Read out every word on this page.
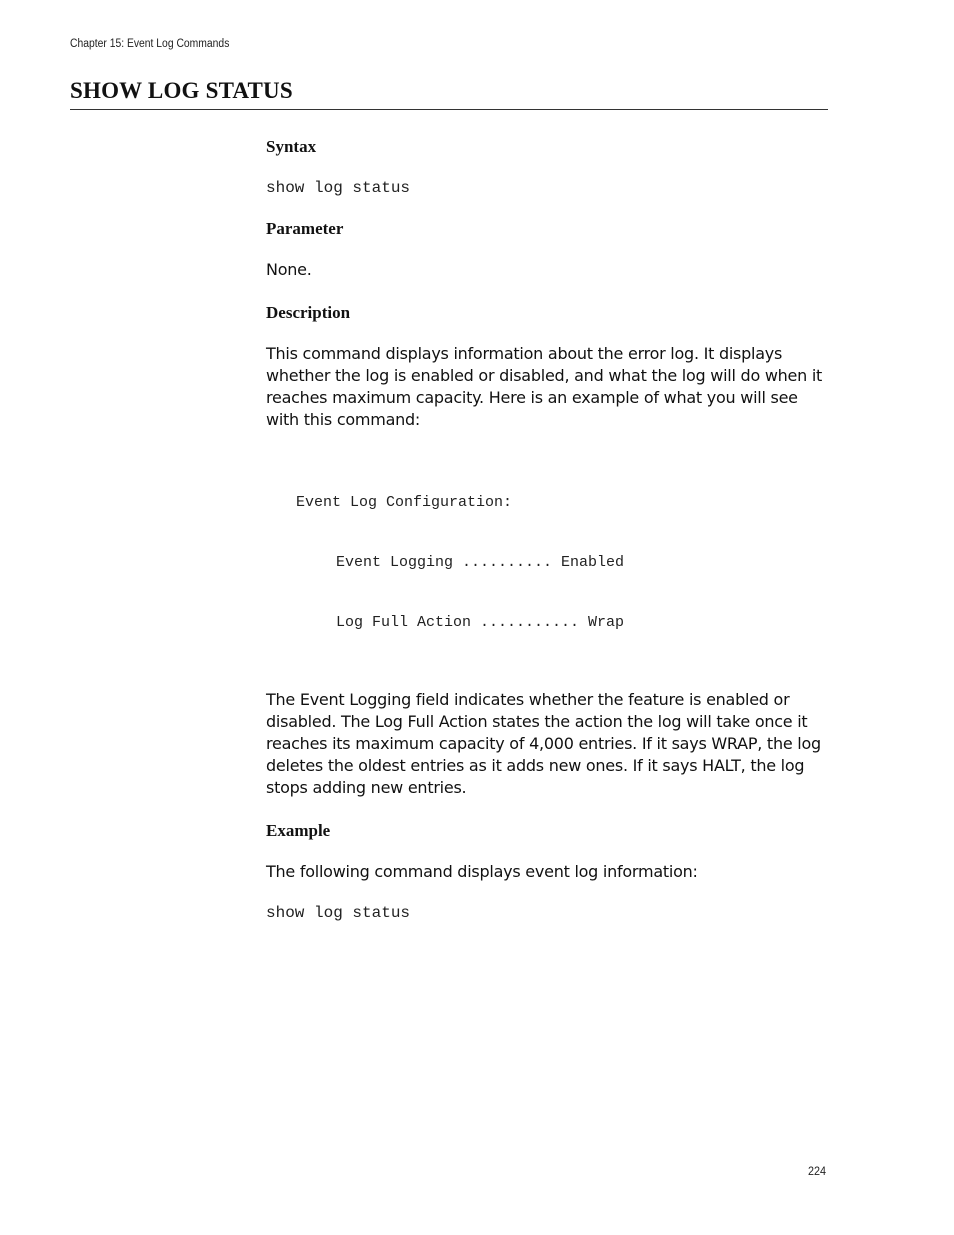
Chapter 15: Event Log Commands
SHOW LOG STATUS
Syntax

show log status

Parameter

None.

Description

This command displays information about the error log. It displays whether the log is enabled or disabled, and what the log will do when it reaches maximum capacity. Here is an example of what you will see with this command:

Event Log Configuration:

Event Logging .......... Enabled

Log Full Action ........... Wrap

The Event Logging field indicates whether the feature is enabled or disabled. The Log Full Action states the action the log will take once it reaches its maximum capacity of 4,000 entries. If it says WRAP, the log deletes the oldest entries as it adds new ones. If it says HALT, the log stops adding new entries.

Example

The following command displays event log information:

show log status

224
